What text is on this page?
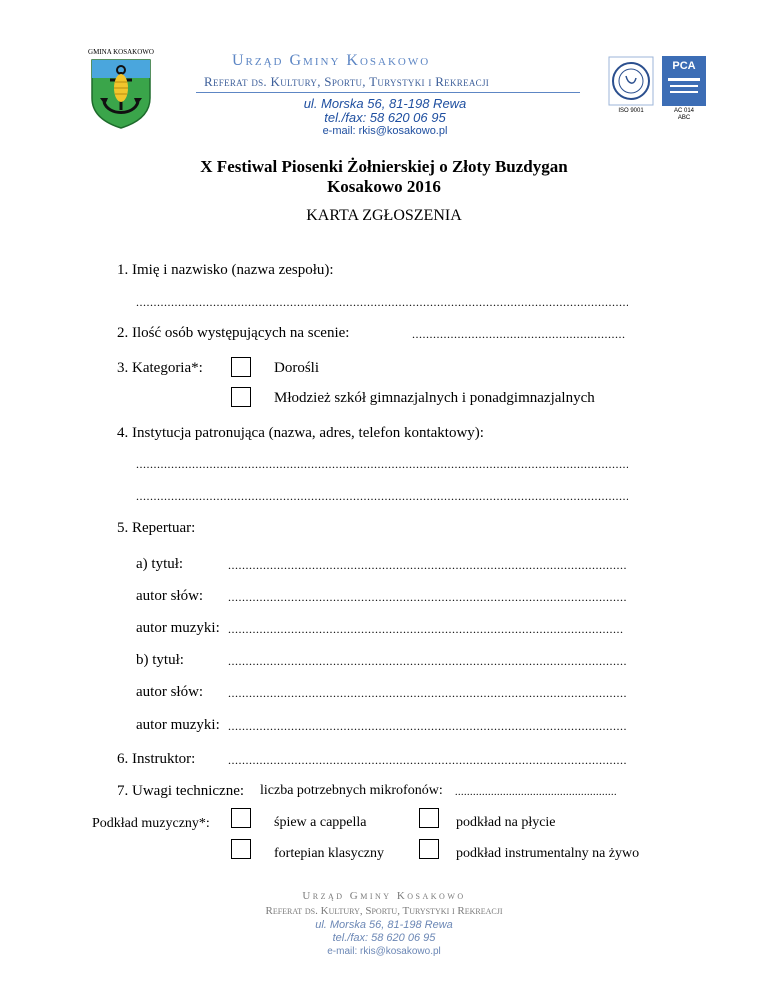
GMINA KOSAKOWO	Urząd Gminy Kosakowo
Referat ds. Kultury, Sportu, Turystyki i Rekreacji
ul. Morska 56, 81-198 Rewa
tel./fax: 58 620 06 95
e-mail: rkis@kosakowo.pl
ISO 9001
PCA
AC 014
ABC
X Festiwal Piosenki Żołnierskiej o Złoty Buzdygan
Kosakowo 2016
KARTA ZGŁOSZENIA
1. Imię i nazwisko (nazwa zespołu):
.....
2. Ilość osób występujących na scenie:
.....
3. Kategoria*:	Dorośli
Młodzież szkół gimnazjalnych i ponadgimnazjalnych
4. Instytucja patronująca (nazwa, adres, telefon kontaktowy):
.....
.....
5. Repertuar:
a) tytuł:
.....
autor słów:
.....
autor muzyki:
.....
b) tytuł:
.....
autor słów:
.....
autor muzyki:
.....
6. Instruktor:
.....
7. Uwagi techniczne: liczba potrzebnych mikrofonów:
.....
Podkład muzyczny*:	śpiew a cappella	podkład na płycie
fortepian klasyczny	podkład instrumentalny na żywo
Urząd Gminy Kosakowo
Referat ds. Kultury, Sportu, Turystyki i Rekreacji
ul. Morska 56, 81-198 Rewa
tel./fax: 58 620 06 95
e-mail: rkis@kosakowo.pl
